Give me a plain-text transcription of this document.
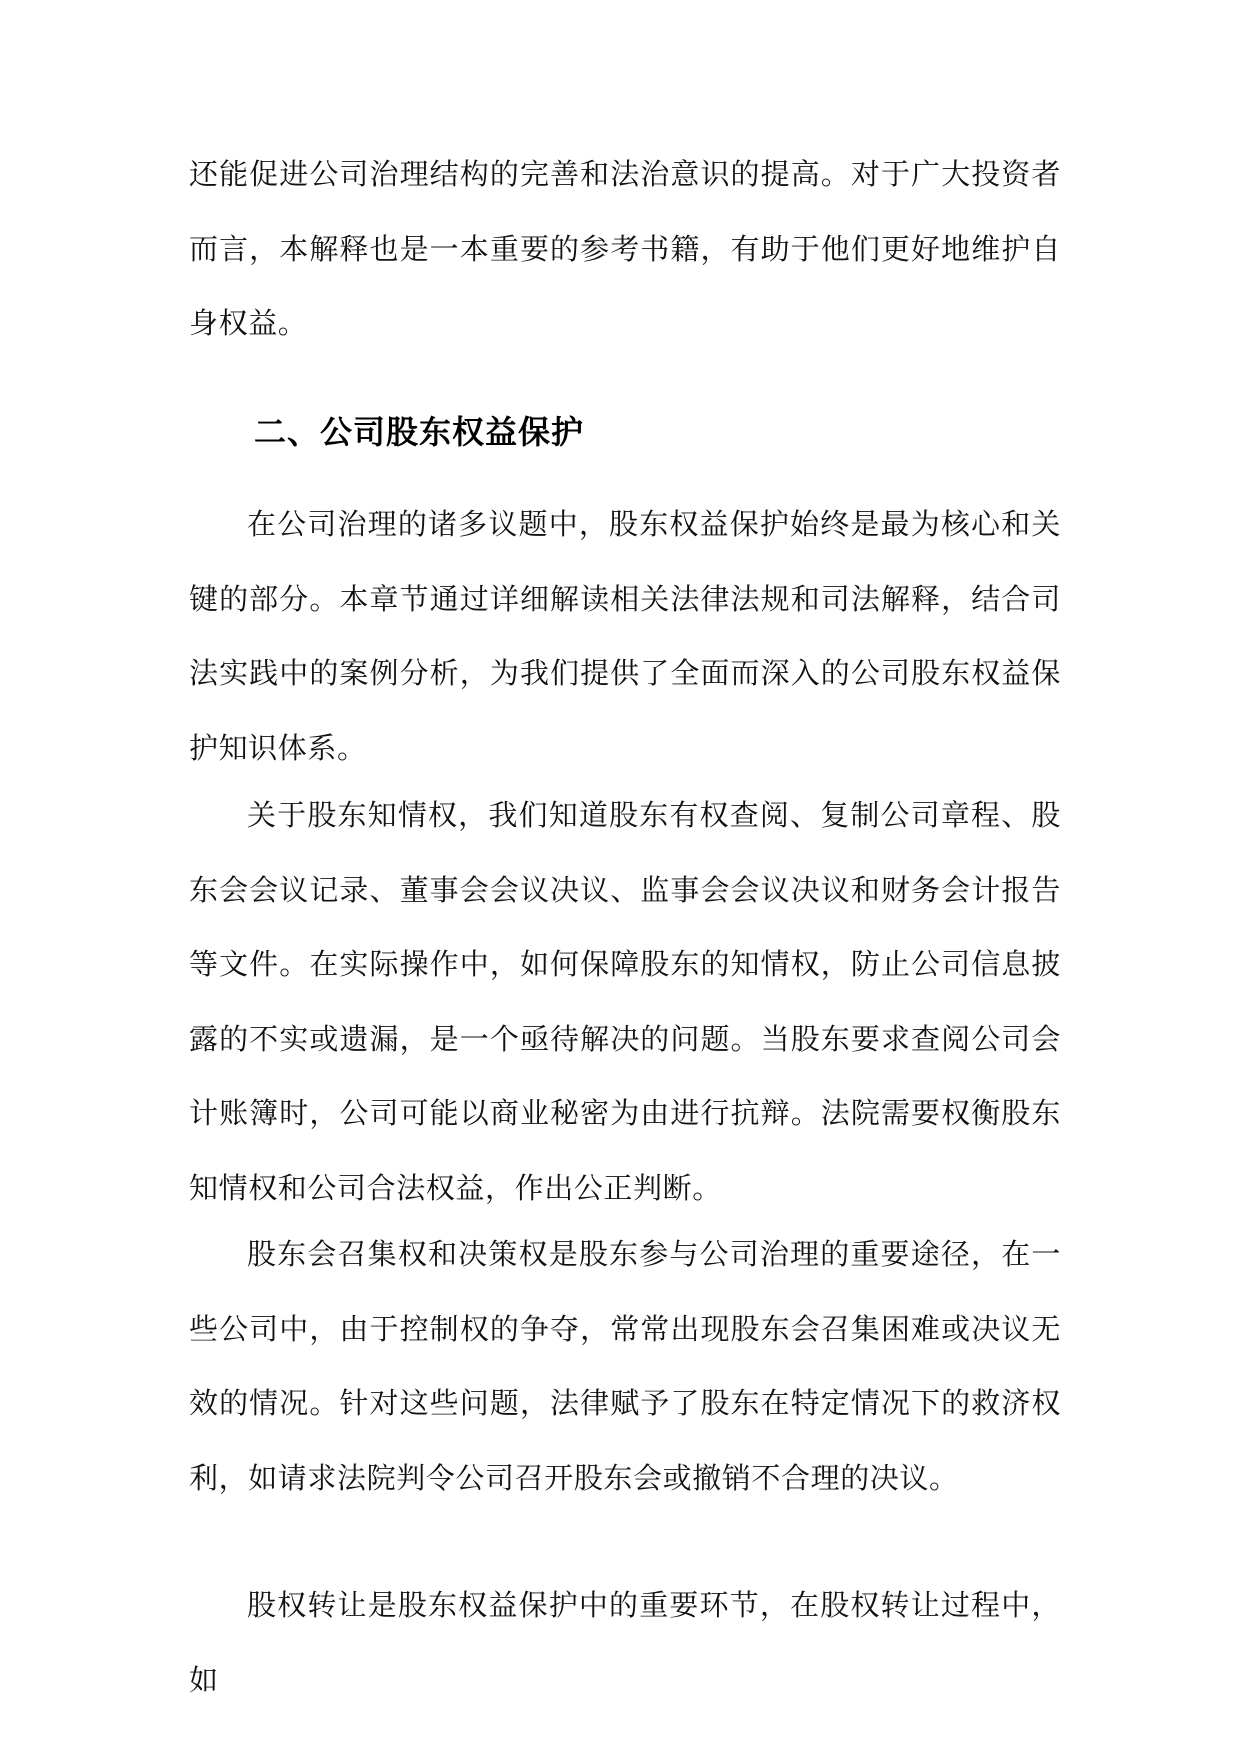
还能促进公司治理结构的完善和法治意识的提高。对于广大投资者而言，本解释也是一本重要的参考书籍，有助于他们更好地维护自身权益。

二、公司股东权益保护

在公司治理的诸多议题中，股东权益保护始终是最为核心和关键的部分。本章节通过详细解读相关法律法规和司法解释，结合司法实践中的案例分析，为我们提供了全面而深入的公司股东权益保护知识体系。

关于股东知情权，我们知道股东有权查阅、复制公司章程、股东会会议记录、董事会会议决议、监事会会议决议和财务会计报告等文件。在实际操作中，如何保障股东的知情权，防止公司信息披露的不实或遗漏，是一个亟待解决的问题。当股东要求查阅公司会计账簿时，公司可能以商业秘密为由进行抗辩。法院需要权衡股东知情权和公司合法权益，作出公正判断。

股东会召集权和决策权是股东参与公司治理的重要途径，在一些公司中，由于控制权的争夺，常常出现股东会召集困难或决议无效的情况。针对这些问题，法律赋予了股东在特定情况下的救济权利，如请求法院判令公司召开股东会或撤销不合理的决议。

股权转让是股东权益保护中的重要环节，在股权转让过程中，如
